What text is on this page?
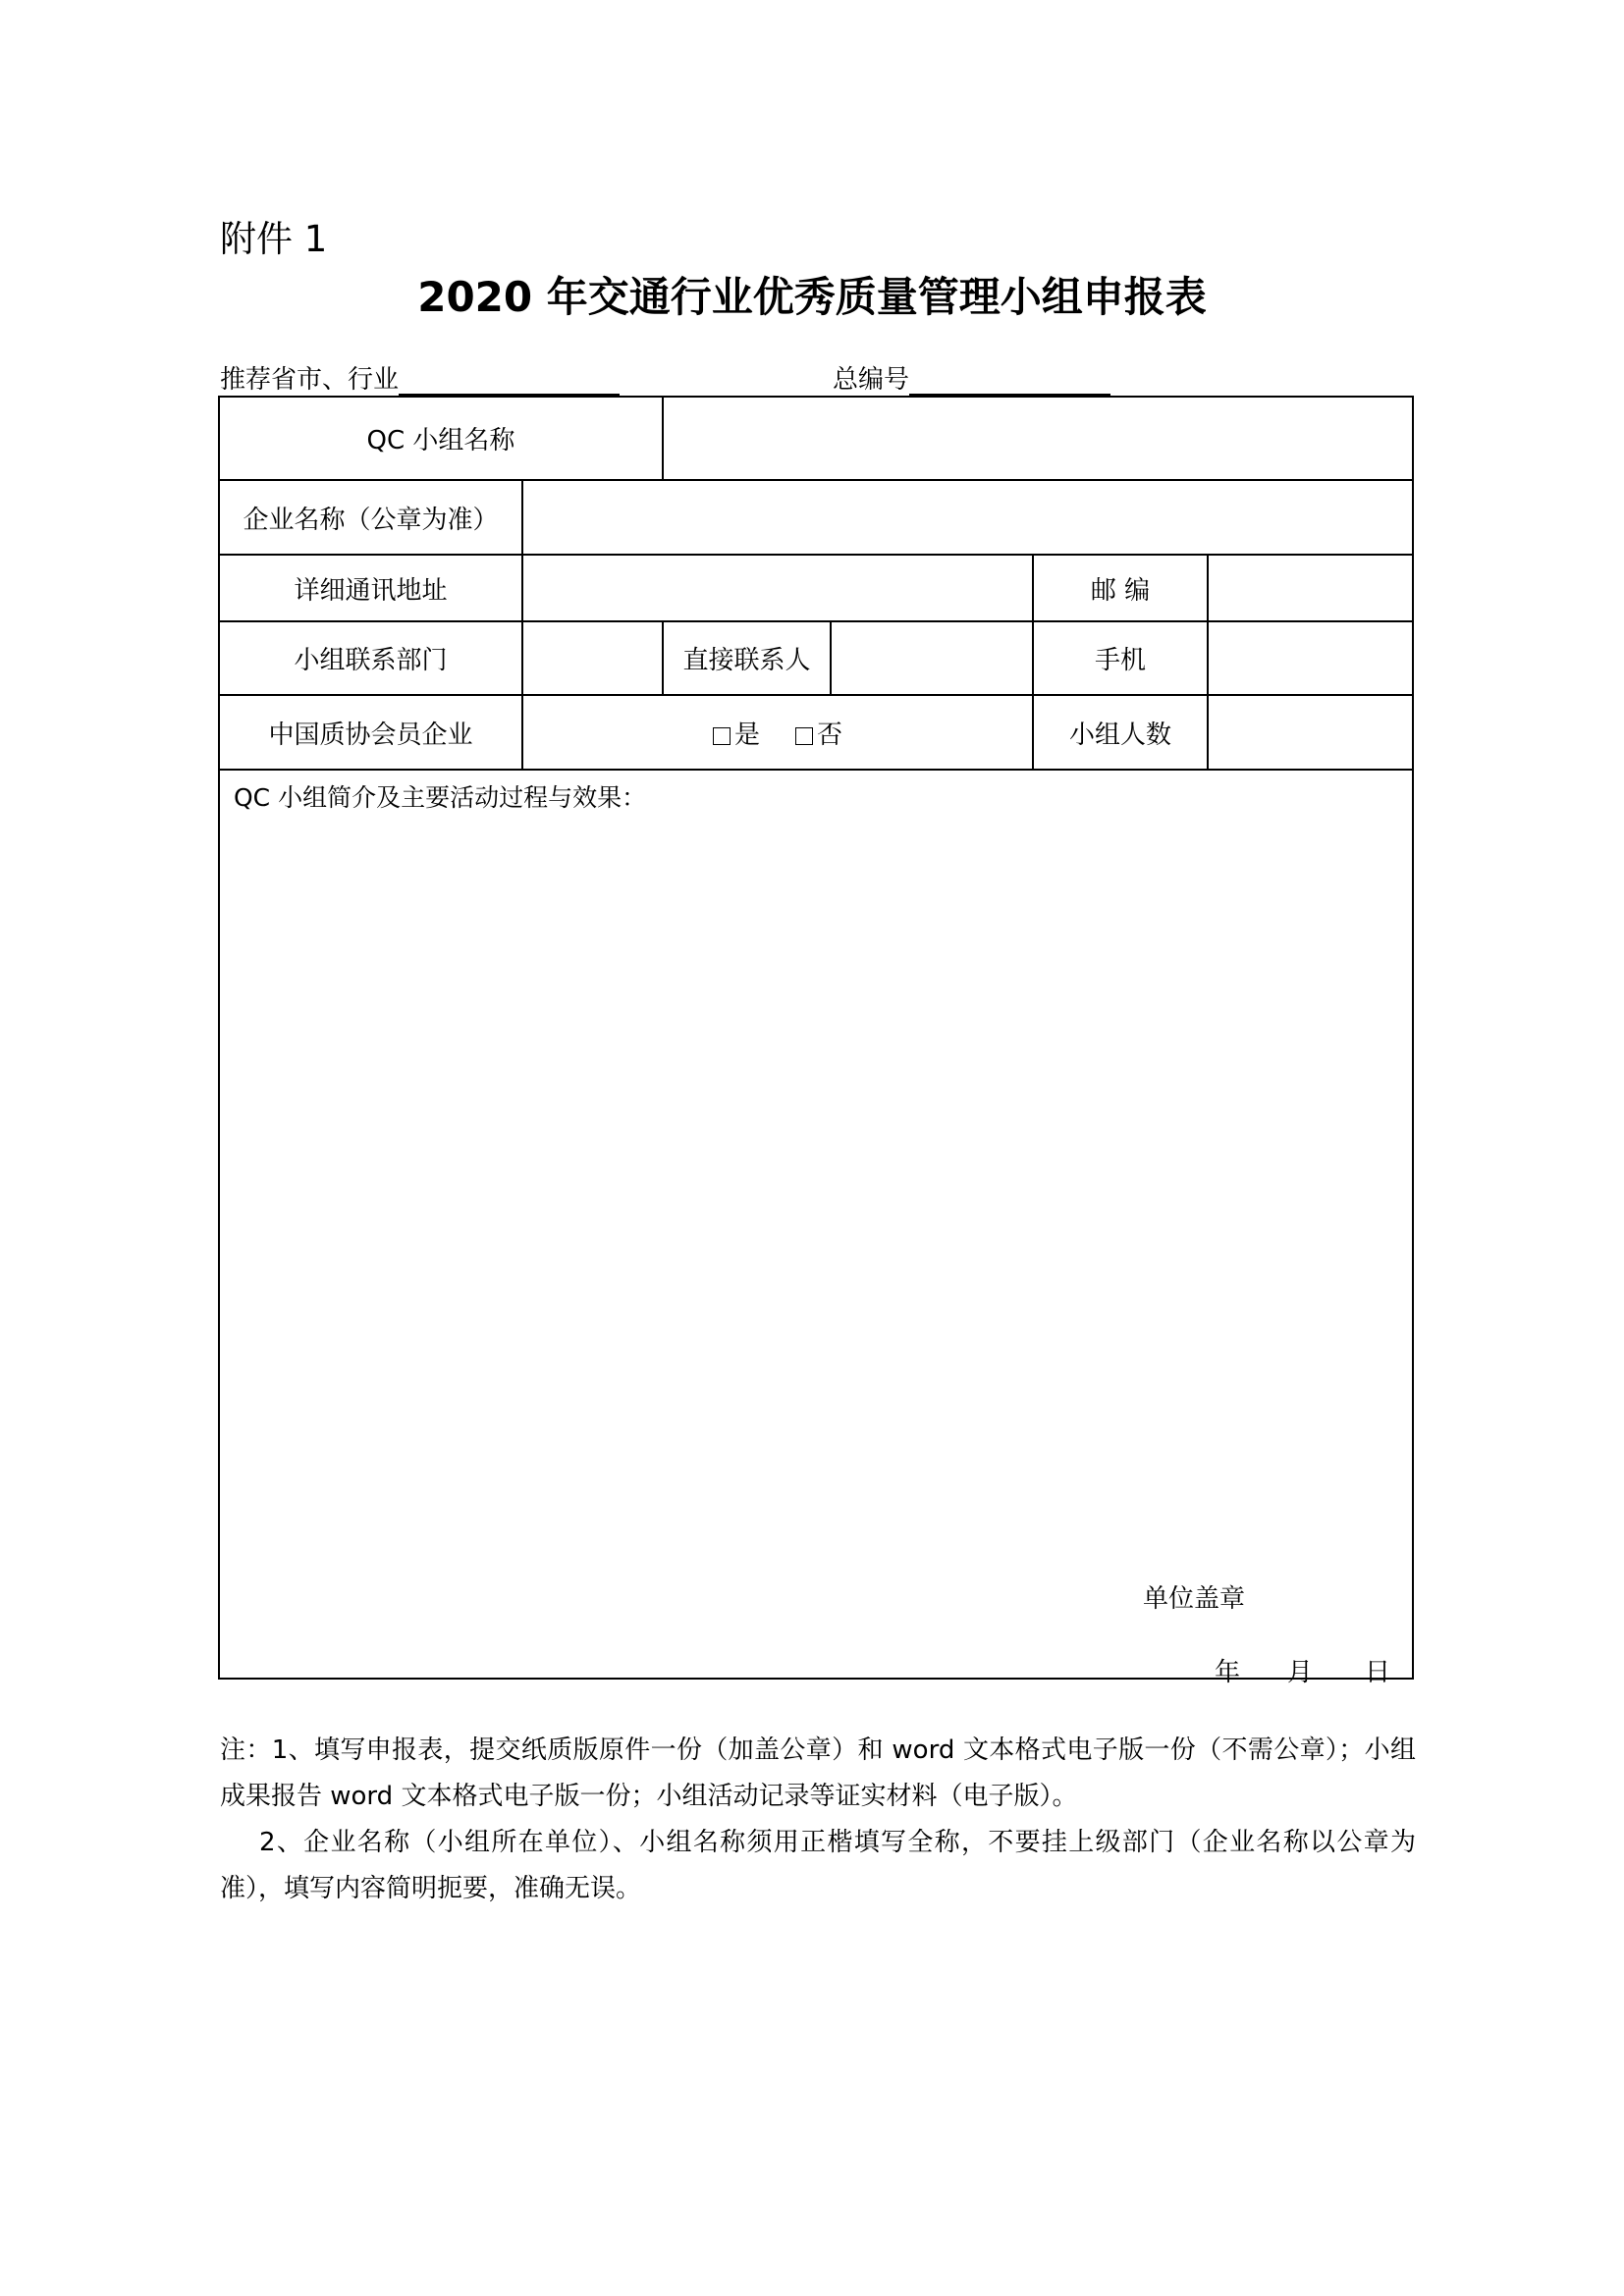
附件 1
2020 年交通行业优秀质量管理小组申报表
推荐省市、行业	总编号
QC 小组名称
企业名称（公章为准）
详细通讯地址	邮 编
小组联系部门	直接联系人	手机
中国质协会员企业	是	否	小组人数
QC 小组简介及主要活动过程与效果：
单位盖章
年 月 日

注：1、填写申报表，提交纸质版原件一份（加盖公章）和 word 文本格式电子版一份（不需公章）；小组成果报告 word 文本格式电子版一份；小组活动记录等证实材料（电子版）。

2、企业名称（小组所在单位）、小组名称须用正楷填写全称，不要挂上级部门（企业名称以公章为准），填写内容简明扼要，准确无误。
